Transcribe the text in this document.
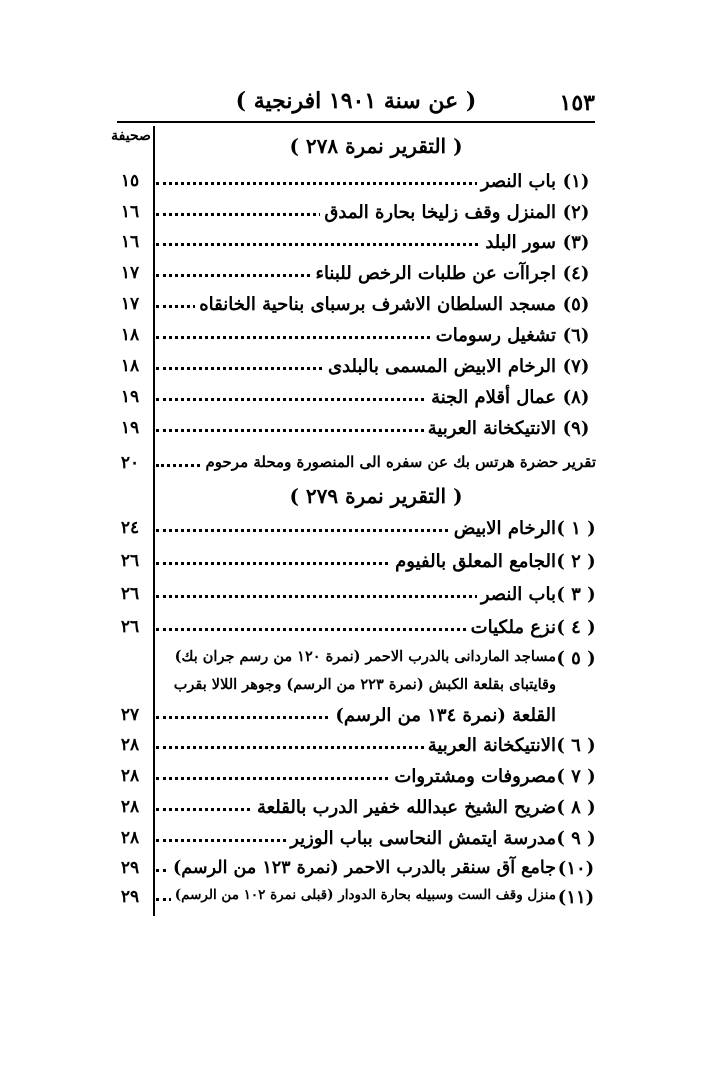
١٥٣
( عن سنة ١٩٠١ افرنجية )
صحيفة	( التقرير نمرة ٢٧٨ )
(١)
باب النصر
١٥
(٢)
المنزل وقف زليخا بحارة المدق
١٦
(٣)
سور البلد
١٦
(٤)
اجراآت عن طلبات الرخص للبناء
١٧
(٥)
مسجد السلطان الاشرف برسباى بناحية الخانقاه
١٧
(٦)
تشغيل رسومات
١٨
(٧)
الرخام الابيض المسمى بالبلدى
١٨
(٨)
عمال أقلام الجنة
١٩
(٩)
الانتيكخانة العربية
١٩
تقرير حضرة هرتس بك عن سفره الى المنصورة ومحلة مرحوم
٢٠
( التقرير نمرة ٢٧٩ )
( ١ )
الرخام الابيض
٢٤
( ٢ )
الجامع المعلق بالفيوم
٢٦
( ٣ )
باب النصر
٢٦
( ٤ )
نزع ملكيات
٢٦
( ٥ )
مساجد الماردانى بالدرب الاحمر (نمرة ١٢٠ من رسم جران بك)
وقايتباى بقلعة الكبش (نمرة ٢٢٣ من الرسم) وجوهر اللالا بقرب
القلعة (نمرة ١٣٤ من الرسم)
٢٧
( ٦ )
الانتيكخانة العربية
٢٨
( ٧ )
مصروفات ومشتروات
٢٨
( ٨ )
ضريح الشيخ عبدالله خفير الدرب بالقلعة
٢٨
( ٩ )
مدرسة ايتمش النحاسى بباب الوزير
٢٨
(١٠)
جامع آق سنقر بالدرب الاحمر (نمرة ١٢٣ من الرسم)
٢٩
(١١)
منزل وقف الست وسبيله بحارة الدودار (قبلى نمرة ١٠٢ من الرسم)
٢٩
